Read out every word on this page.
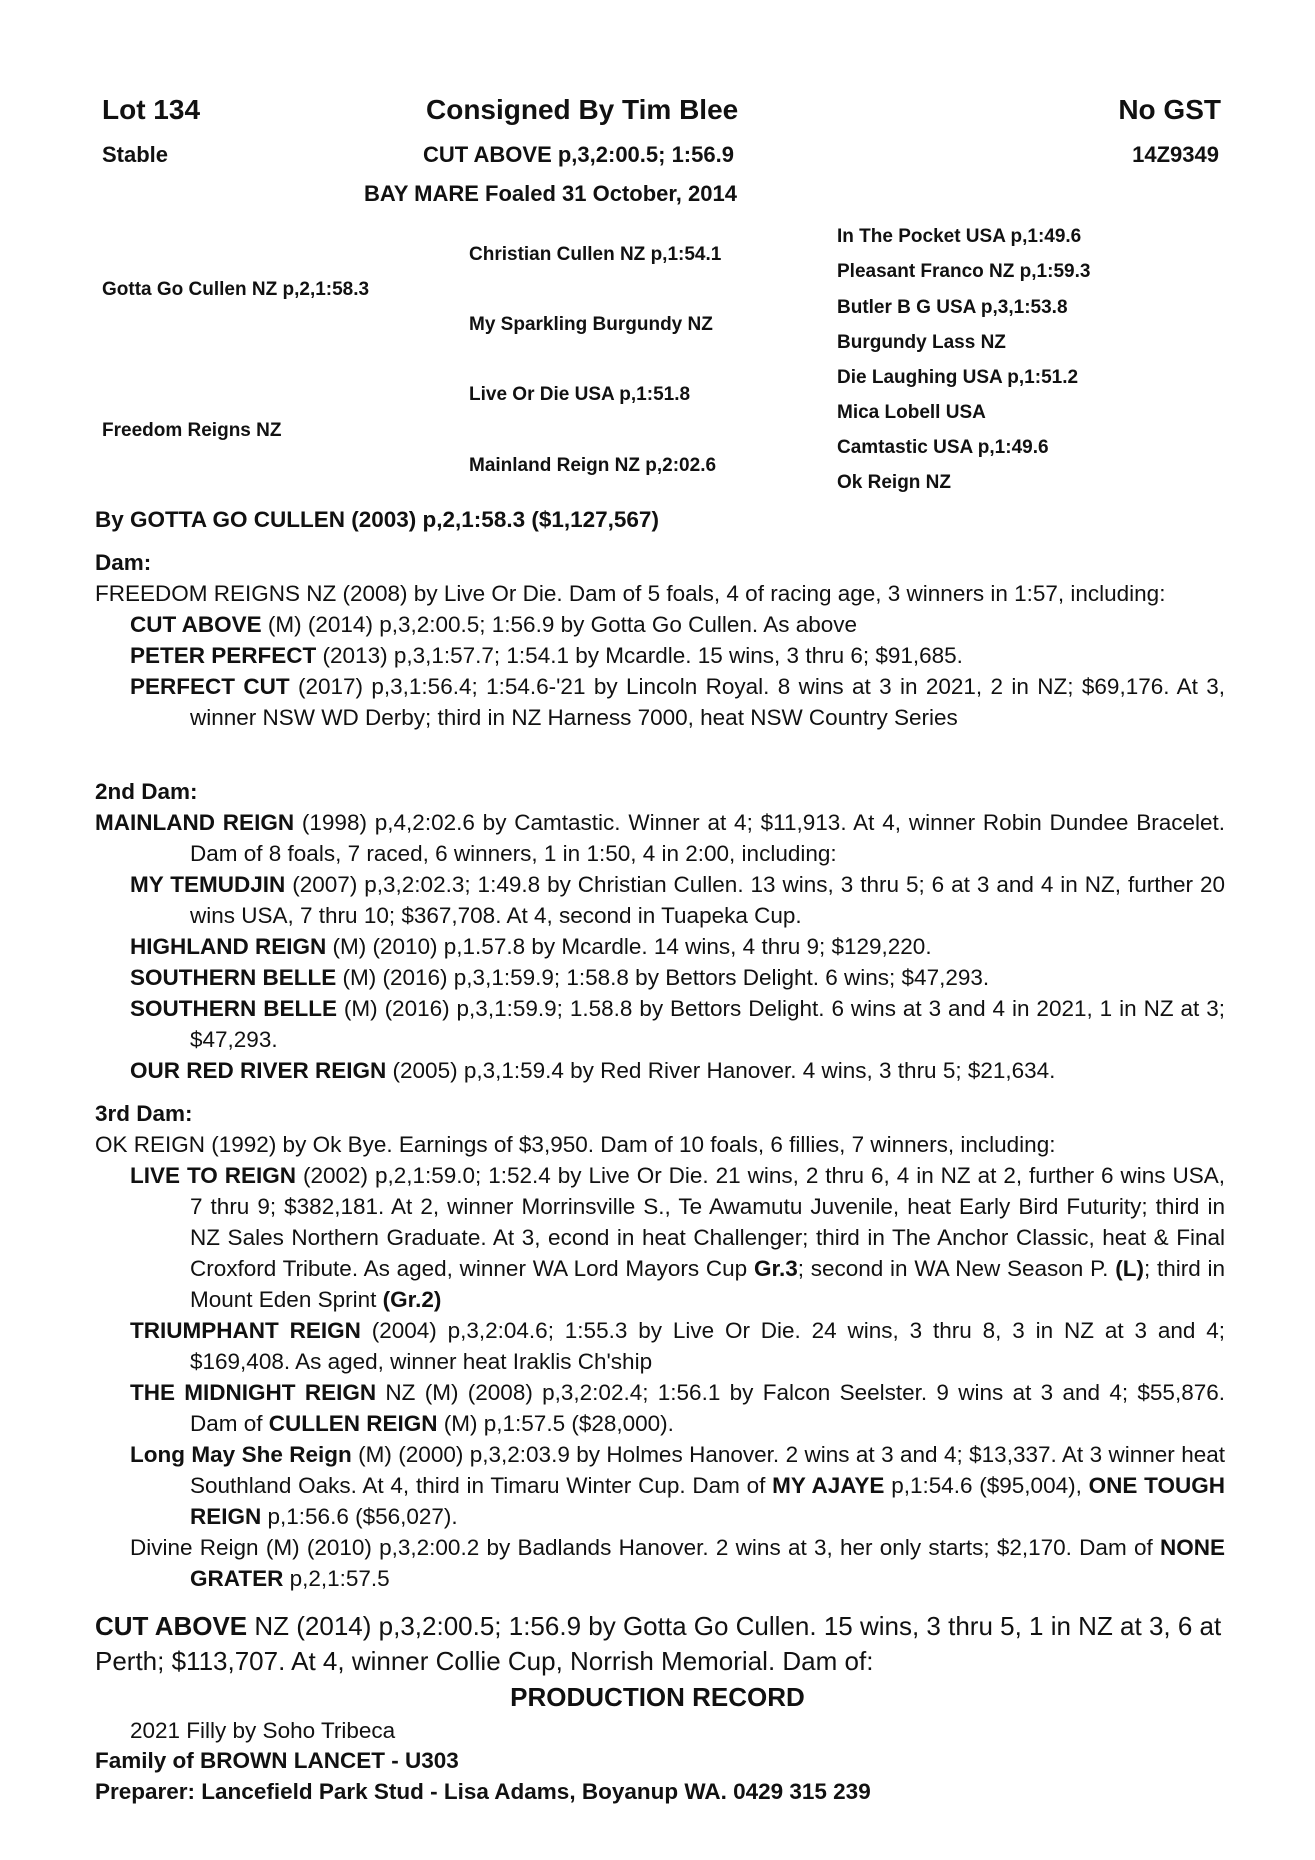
Lot 134	Consigned By Tim Blee	No GST
Stable	CUT ABOVE p,3,2:00.5; 1:56.9	14Z9349
BAY MARE Foaled 31 October, 2014
Gotta Go Cullen NZ p,2,1:58.3
Freedom Reigns NZ
Christian Cullen NZ p,1:54.1
My Sparkling Burgundy NZ
Live Or Die USA p,1:51.8
Mainland Reign NZ p,2:02.6
In The Pocket USA p,1:49.6
Pleasant Franco NZ p,1:59.3
Butler B G USA p,3,1:53.8
Burgundy Lass NZ
Die Laughing USA p,1:51.2
Mica Lobell USA
Camtastic USA p,1:49.6
Ok Reign NZ
By GOTTA GO CULLEN (2003) p,2,1:58.3 ($1,127,567)
Dam:
FREEDOM REIGNS NZ (2008) by Live Or Die. Dam of 5 foals, 4 of racing age, 3 winners in 1:57, including:
CUT ABOVE (M) (2014) p,3,2:00.5; 1:56.9 by Gotta Go Cullen. As above
PETER PERFECT (2013) p,3,1:57.7; 1:54.1 by Mcardle. 15 wins, 3 thru 6; $91,685.
PERFECT CUT (2017) p,3,1:56.4; 1:54.6-'21 by Lincoln Royal. 8 wins at 3 in 2021, 2 in NZ; $69,176. At 3, winner NSW WD Derby; third in NZ Harness 7000, heat NSW Country Series
2nd Dam:
MAINLAND REIGN (1998) p,4,2:02.6 by Camtastic. Winner at 4; $11,913. At 4, winner Robin Dundee Bracelet. Dam of 8 foals, 7 raced, 6 winners, 1 in 1:50, 4 in 2:00, including:
MY TEMUDJIN (2007) p,3,2:02.3; 1:49.8 by Christian Cullen. 13 wins, 3 thru 5; 6 at 3 and 4 in NZ, further 20 wins USA, 7 thru 10; $367,708. At 4, second in Tuapeka Cup.
HIGHLAND REIGN (M) (2010) p,1.57.8 by Mcardle. 14 wins, 4 thru 9; $129,220.
SOUTHERN BELLE (M) (2016) p,3,1:59.9; 1:58.8 by Bettors Delight. 6 wins; $47,293.
SOUTHERN BELLE (M) (2016) p,3,1:59.9; 1.58.8 by Bettors Delight. 6 wins at 3 and 4 in 2021, 1 in NZ at 3; $47,293.
OUR RED RIVER REIGN (2005) p,3,1:59.4 by Red River Hanover. 4 wins, 3 thru 5; $21,634.
3rd Dam:
OK REIGN (1992) by Ok Bye. Earnings of $3,950. Dam of 10 foals, 6 fillies, 7 winners, including:
LIVE TO REIGN (2002) p,2,1:59.0; 1:52.4 by Live Or Die. 21 wins, 2 thru 6, 4 in NZ at 2, further 6 wins USA, 7 thru 9; $382,181. At 2, winner Morrinsville S., Te Awamutu Juvenile, heat Early Bird Futurity; third in NZ Sales Northern Graduate. At 3, econd in heat Challenger; third in The Anchor Classic, heat & Final Croxford Tribute. As aged, winner WA Lord Mayors Cup Gr.3; second in WA New Season P. (L); third in Mount Eden Sprint (Gr.2)
TRIUMPHANT REIGN (2004) p,3,2:04.6; 1:55.3 by Live Or Die. 24 wins, 3 thru 8, 3 in NZ at 3 and 4; $169,408. As aged, winner heat Iraklis Ch'ship
THE MIDNIGHT REIGN NZ (M) (2008) p,3,2:02.4; 1:56.1 by Falcon Seelster. 9 wins at 3 and 4; $55,876. Dam of CULLEN REIGN (M) p,1:57.5 ($28,000).
Long May She Reign (M) (2000) p,3,2:03.9 by Holmes Hanover. 2 wins at 3 and 4; $13,337. At 3 winner heat Southland Oaks. At 4, third in Timaru Winter Cup. Dam of MY AJAYE p,1:54.6 ($95,004), ONE TOUGH REIGN p,1:56.6 ($56,027).
Divine Reign (M) (2010) p,3,2:00.2 by Badlands Hanover. 2 wins at 3, her only starts; $2,170. Dam of NONE GRATER p,2,1:57.5
CUT ABOVE NZ (2014) p,3,2:00.5; 1:56.9 by Gotta Go Cullen. 15 wins, 3 thru 5, 1 in NZ at 3, 6 at Perth; $113,707. At 4, winner Collie Cup, Norrish Memorial. Dam of:
PRODUCTION RECORD
2021 Filly by Soho Tribeca
Family of BROWN LANCET - U303
Preparer: Lancefield Park Stud - Lisa Adams, Boyanup WA. 0429 315 239
